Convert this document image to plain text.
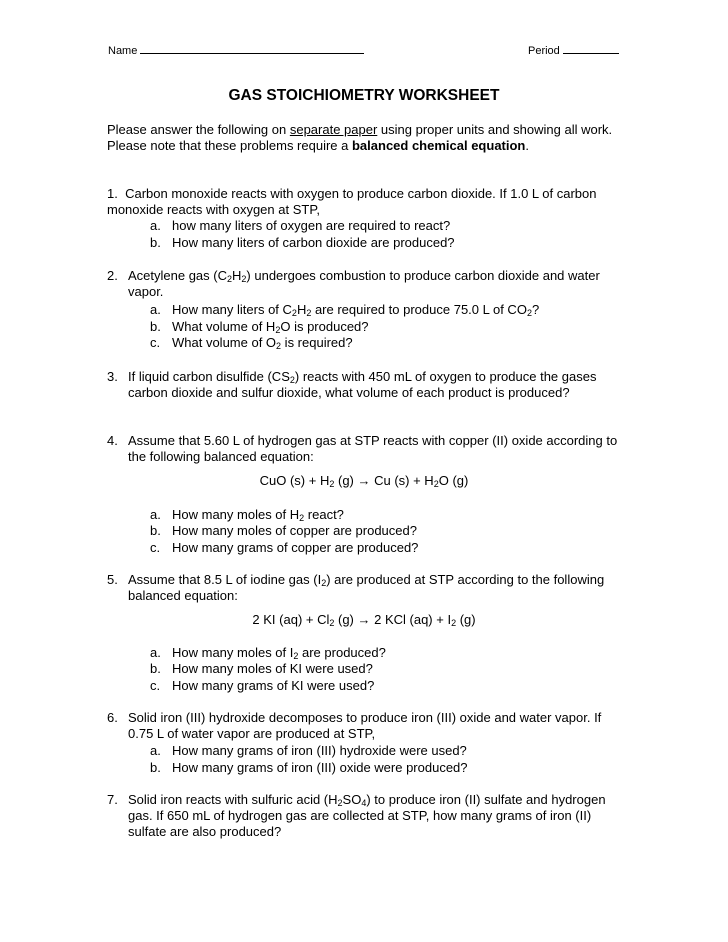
Name	Period
GAS STOICHIOMETRY WORKSHEET
Please answer the following on separate paper using proper units and showing all work. Please note that these problems require a balanced chemical equation.
1. Carbon monoxide reacts with oxygen to produce carbon dioxide. If 1.0 L of carbon monoxide reacts with oxygen at STP,
a. how many liters of oxygen are required to react?
b. How many liters of carbon dioxide are produced?
2. Acetylene gas $(C_2H_2)$ undergoes combustion to produce carbon dioxide and water vapor.
a. How many liters of $C_2H_2$ are required to produce 75.0 L of $CO_2$?
b. What volume of $H_2O$ is produced?
c. What volume of $O_2$ is required?
3. If liquid carbon disulfide $(CS_2)$ reacts with 450 mL of oxygen to produce the gases carbon dioxide and sulfur dioxide, what volume of each product is produced?
4. Assume that 5.60 L of hydrogen gas at STP reacts with copper (II) oxide according to the following balanced equation:
CuO $(s) + H_2$ (g) → Cu $(s) + H_2O$ (g)
a. How many moles of $H_2$ react?
b. How many moles of copper are produced?
c. How many grams of copper are produced?
5. Assume that 8.5 L of iodine gas $(I_2)$ are produced at STP according to the following balanced equation:
2 KI $(aq) + Cl_2$ (g) → 2 KCl $(aq) + I_2$ (g)
a. How many moles of $I_2$ are produced?
b. How many moles of KI were used?
c. How many grams of KI were used?
6. Solid iron (III) hydroxide decomposes to produce iron (III) oxide and water vapor. If 0.75 L of water vapor are produced at STP,
a. How many grams of iron (III) hydroxide were used?
b. How many grams of iron (III) oxide were produced?
7. Solid iron reacts with sulfuric acid $(H_2SO_4)$ to produce iron (II) sulfate and hydrogen gas. If 650 mL of hydrogen gas are collected at STP, how many grams of iron (II) sulfate are also produced?
